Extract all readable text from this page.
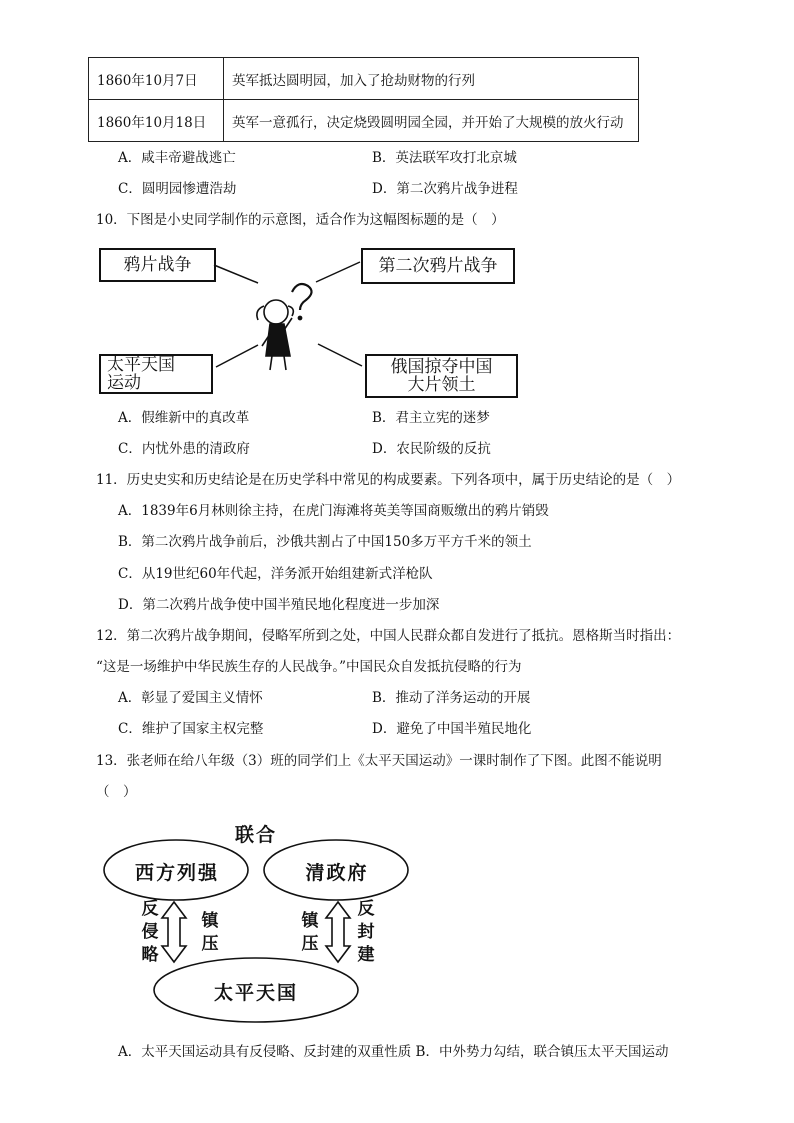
1860年10月7日	英军抵达圆明园，加入了抢劫财物的行列
1860年10月18日	英军一意孤行，决定烧毁圆明园全园，并开始了大规模的放火行动
A．咸丰帝避战逃亡	B．英法联军攻打北京城
C．圆明园惨遭浩劫	D．第二次鸦片战争进程
10．下图是小史同学制作的示意图，适合作为这幅图标题的是（　）
鸦片战争	第二次鸦片战争
太平天国
运动
俄国掠夺中国
大片领土
A．假维新中的真改革	B．君主立宪的迷梦
C．内忧外患的清政府	D．农民阶级的反抗
11．历史史实和历史结论是在历史学科中常见的构成要素。下列各项中，属于历史结论的是（　）
A．1839年6月林则徐主持，在虎门海滩将英美等国商贩缴出的鸦片销毁
B．第二次鸦片战争前后，沙俄共割占了中国150多万平方千米的领土
C．从19世纪60年代起，洋务派开始组建新式洋枪队
D．第二次鸦片战争使中国半殖民地化程度进一步加深
12．第二次鸦片战争期间，侵略军所到之处，中国人民群众都自发进行了抵抗。恩格斯当时指出：
“这是一场维护中华民族生存的人民战争。”中国民众自发抵抗侵略的行为
A．彰显了爱国主义情怀	B．推动了洋务运动的开展
C．维护了国家主权完整	D．避免了中国半殖民地化
13．张老师在给八年级（3）班的同学们上《太平天国运动》一课时制作了下图。此图不能说明
（　）
联合
西方列强	清政府
太平天国
反侵略
镇压
镇压
反封建
A．太平天国运动具有反侵略、反封建的双重性质 B．中外势力勾结，联合镇压太平天国运动
